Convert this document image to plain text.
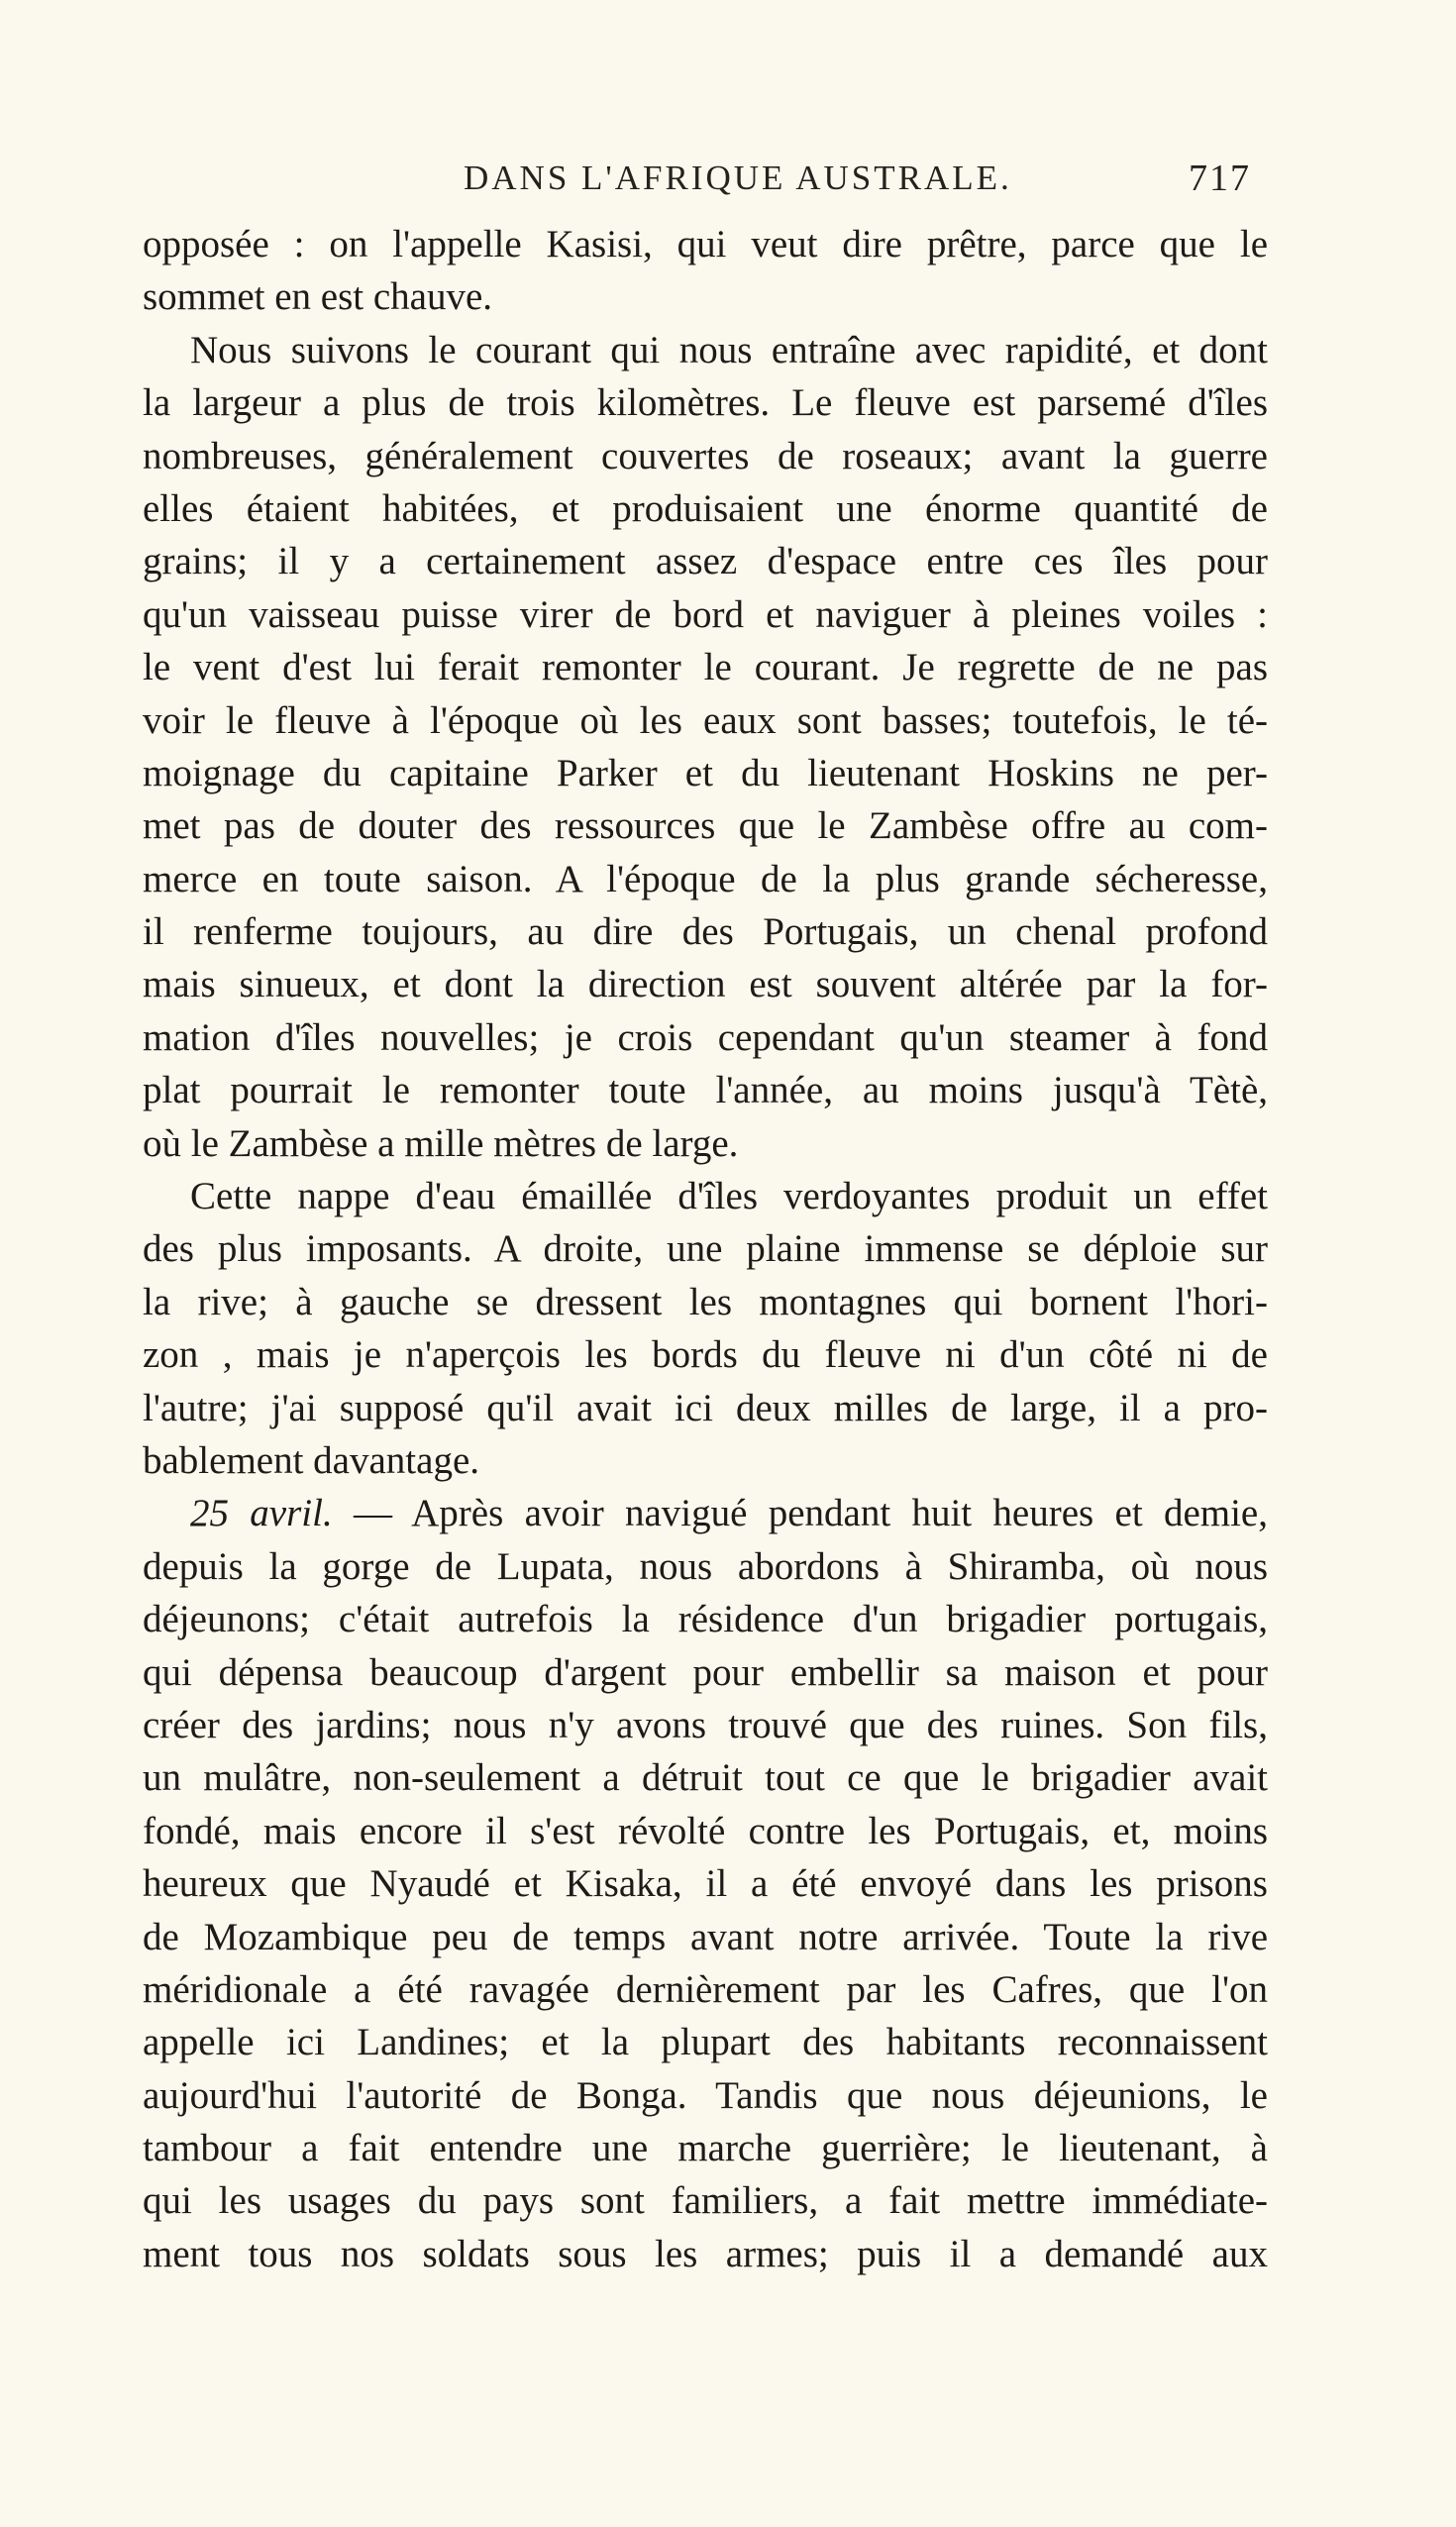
DANS L'AFRIQUE AUSTRALE.	717
opposée : on l'appelle Kasisi, qui veut dire prêtre, parce que le
sommet en est chauve.
Nous suivons le courant qui nous entraîne avec rapidité, et dont
la largeur a plus de trois kilomètres. Le fleuve est parsemé d'îles
nombreuses, généralement couvertes de roseaux; avant la guerre
elles étaient habitées, et produisaient une énorme quantité de
grains; il y a certainement assez d'espace entre ces îles pour
qu'un vaisseau puisse virer de bord et naviguer à pleines voiles :
le vent d'est lui ferait remonter le courant. Je regrette de ne pas
voir le fleuve à l'époque où les eaux sont basses; toutefois, le té-
moignage du capitaine Parker et du lieutenant Hoskins ne per-
met pas de douter des ressources que le Zambèse offre au com-
merce en toute saison. A l'époque de la plus grande sécheresse,
il renferme toujours, au dire des Portugais, un chenal profond
mais sinueux, et dont la direction est souvent altérée par la for-
mation d'îles nouvelles; je crois cependant qu'un steamer à fond
plat pourrait le remonter toute l'année, au moins jusqu'à Tètè,
où le Zambèse a mille mètres de large.
Cette nappe d'eau émaillée d'îles verdoyantes produit un effet
des plus imposants. A droite, une plaine immense se déploie sur
la rive; à gauche se dressent les montagnes qui bornent l'hori-
zon , mais je n'aperçois les bords du fleuve ni d'un côté ni de
l'autre; j'ai supposé qu'il avait ici deux milles de large, il a pro-
bablement davantage.
25 avril. — Après avoir navigué pendant huit heures et demie,
depuis la gorge de Lupata, nous abordons à Shiramba, où nous
déjeunons; c'était autrefois la résidence d'un brigadier portugais,
qui dépensa beaucoup d'argent pour embellir sa maison et pour
créer des jardins; nous n'y avons trouvé que des ruines. Son fils,
un mulâtre, non-seulement a détruit tout ce que le brigadier avait
fondé, mais encore il s'est révolté contre les Portugais, et, moins
heureux que Nyaudé et Kisaka, il a été envoyé dans les prisons
de Mozambique peu de temps avant notre arrivée. Toute la rive
méridionale a été ravagée dernièrement par les Cafres, que l'on
appelle ici Landines; et la plupart des habitants reconnaissent
aujourd'hui l'autorité de Bonga. Tandis que nous déjeunions, le
tambour a fait entendre une marche guerrière; le lieutenant, à
qui les usages du pays sont familiers, a fait mettre immédiate-
ment tous nos soldats sous les armes; puis il a demandé aux
